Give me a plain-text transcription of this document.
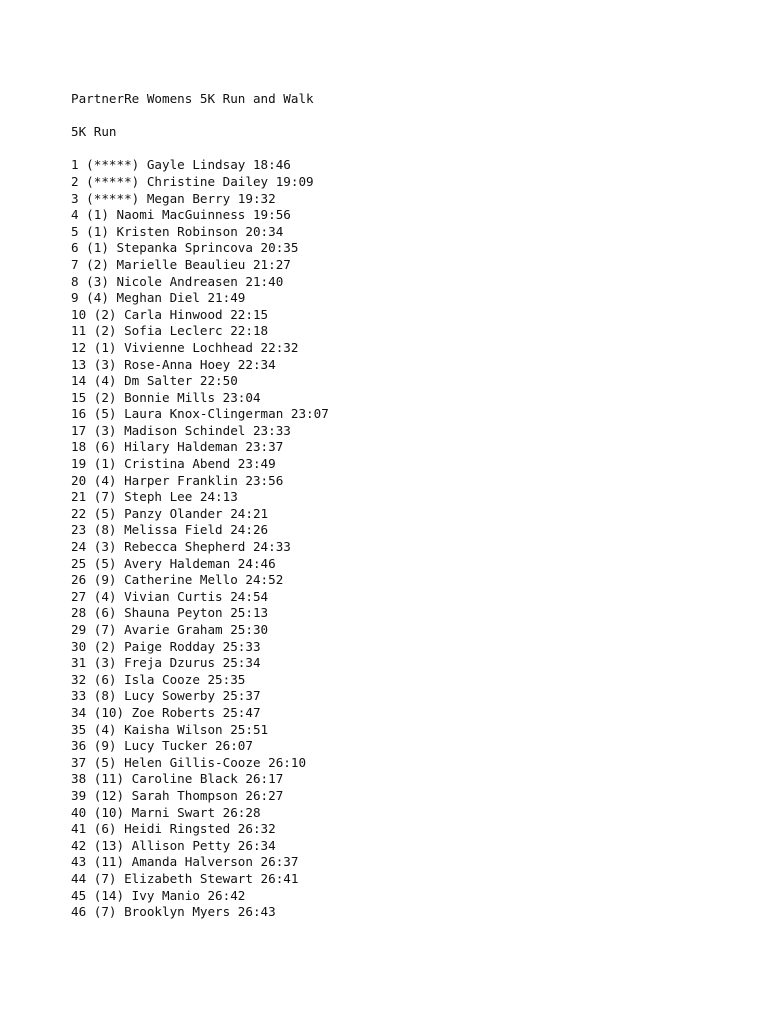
PartnerRe Womens 5K Run and Walk
5K Run
1 (*****) Gayle Lindsay 18:46
2 (*****) Christine Dailey 19:09
3 (*****) Megan Berry 19:32
4 (1) Naomi MacGuinness 19:56
5 (1) Kristen Robinson 20:34
6 (1) Stepanka Sprincova 20:35
7 (2) Marielle Beaulieu 21:27
8 (3) Nicole Andreasen 21:40
9 (4) Meghan Diel 21:49
10 (2) Carla Hinwood 22:15
11 (2) Sofia Leclerc 22:18
12 (1) Vivienne Lochhead 22:32
13 (3) Rose-Anna Hoey 22:34
14 (4) Dm Salter 22:50
15 (2) Bonnie Mills 23:04
16 (5) Laura Knox-Clingerman 23:07
17 (3) Madison Schindel 23:33
18 (6) Hilary Haldeman 23:37
19 (1) Cristina Abend 23:49
20 (4) Harper Franklin 23:56
21 (7) Steph Lee 24:13
22 (5) Panzy Olander 24:21
23 (8) Melissa Field 24:26
24 (3) Rebecca Shepherd 24:33
25 (5) Avery Haldeman 24:46
26 (9) Catherine Mello 24:52
27 (4) Vivian Curtis 24:54
28 (6) Shauna Peyton 25:13
29 (7) Avarie Graham 25:30
30 (2) Paige Rodday 25:33
31 (3) Freja Dzurus 25:34
32 (6) Isla Cooze 25:35
33 (8) Lucy Sowerby 25:37
34 (10) Zoe Roberts 25:47
35 (4) Kaisha Wilson 25:51
36 (9) Lucy Tucker 26:07
37 (5) Helen Gillis-Cooze 26:10
38 (11) Caroline Black 26:17
39 (12) Sarah Thompson 26:27
40 (10) Marni Swart 26:28
41 (6) Heidi Ringsted 26:32
42 (13) Allison Petty 26:34
43 (11) Amanda Halverson 26:37
44 (7) Elizabeth Stewart 26:41
45 (14) Ivy Manio 26:42
46 (7) Brooklyn Myers 26:43
